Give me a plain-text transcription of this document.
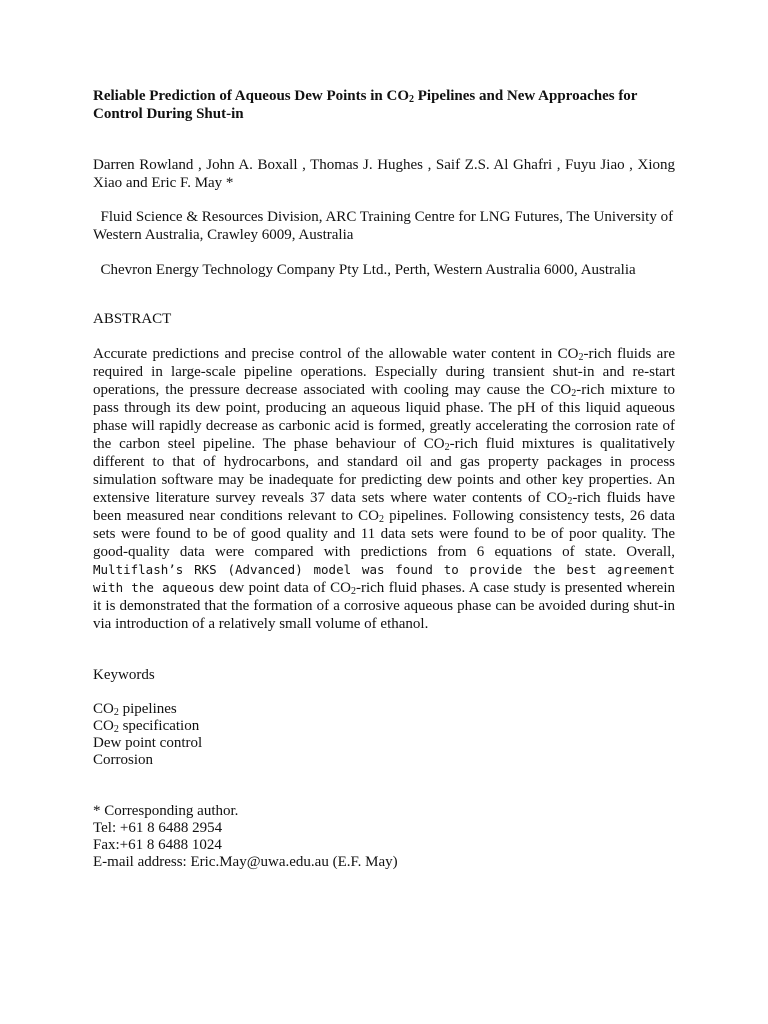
Reliable Prediction of Aqueous Dew Points in $CO_2$ Pipelines and New Approaches for Control During Shut-in
Darren Rowland , John A. Boxall , Thomas J. Hughes , Saif Z.S. Al Ghafri , Fuyu Jiao , Xiong Xiao and Eric F. May *
Fluid Science & Resources Division, ARC Training Centre for LNG Futures, The University of Western Australia, Crawley 6009, Australia
Chevron Energy Technology Company Pty Ltd., Perth, Western Australia 6000, Australia
ABSTRACT
Accurate predictions and precise control of the allowable water content in $CO_2$-rich fluids are required in large-scale pipeline operations. Especially during transient shut-in and re-start operations, the pressure decrease associated with cooling may cause the $CO_2$-rich mixture to pass through its dew point, producing an aqueous liquid phase. The pH of this liquid aqueous phase will rapidly decrease as carbonic acid is formed, greatly accelerating the corrosion rate of the carbon steel pipeline. The phase behaviour of $CO_2$-rich fluid mixtures is qualitatively different to that of hydrocarbons, and standard oil and gas property packages in process simulation software may be inadequate for predicting dew points and other key properties. An extensive literature survey reveals 37 data sets where water contents of $CO_2$-rich fluids have been measured near conditions relevant to $CO_2$ pipelines. Following consistency tests, 26 data sets were found to be of good quality and 11 data sets were found to be of poor quality. The good-quality data were compared with predictions from 6 equations of state. Overall, Multiflash’s RKS (Advanced) model was found to provide the best agreement with the aqueous dew point data of $CO_2$-rich fluid phases. A case study is presented wherein it is demonstrated that the formation of a corrosive aqueous phase can be avoided during shut-in via introduction of a relatively small volume of ethanol.
Keywords
$CO_2$ pipelines
$CO_2$ specification
Dew point control
Corrosion
* Corresponding author.
Tel: +61 8 6488 2954
Fax:+61 8 6488 1024
E-mail address: Eric.May@uwa.edu.au (E.F. May)
